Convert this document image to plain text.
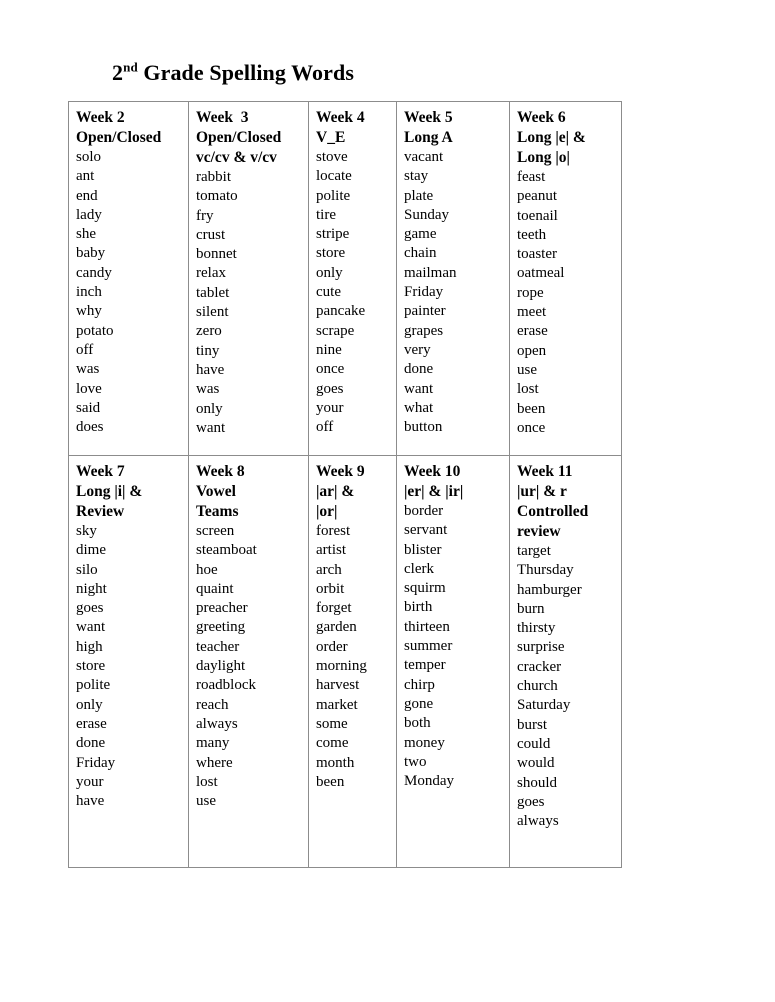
2nd Grade Spelling Words
Week 2
Open/Closed
solo
ant
end
lady
she
baby
candy
inch
why
potato
off
was
love
said
does

Week  3
Open/Closed
vc/cv & v/cv
rabbit
tomato
fry
crust
bonnet
relax
tablet
silent
zero
tiny
have
was
only
want

Week 4
V_E
stove
locate
polite
tire
stripe
store
only
cute
pancake
scrape
nine
once
goes
your
off

Week 5
Long A
vacant
stay
plate
Sunday
game
chain
mailman
Friday
painter
grapes
very
done
want
what
button

Week 6
Long |e| &
Long |o|
feast
peanut
toenail
teeth
toaster
oatmeal
rope
meet
erase
open
use
lost
been
once

Week 7
Long |i| &
Review
sky
dime
silo
night
goes
want
high
store
polite
only
erase
done
Friday
your
have

Week 8
Vowel
Teams
screen
steamboat
hoe
quaint
preacher
greeting
teacher
daylight
roadblock
reach
always
many
where
lost
use

Week 9
|ar| &
|or|
forest
artist
arch
orbit
forget
garden
order
morning
harvest
market
some
come
month
been

Week 10
|er| & |ir|
border
servant
blister
clerk
squirm
birth
thirteen
summer
temper
chirp
gone
both
money
two
Monday

Week 11
|ur| & r
Controlled
review
target
Thursday
hamburger
burn
thirsty
surprise
cracker
church
Saturday
burst
could
would
should
goes
always
